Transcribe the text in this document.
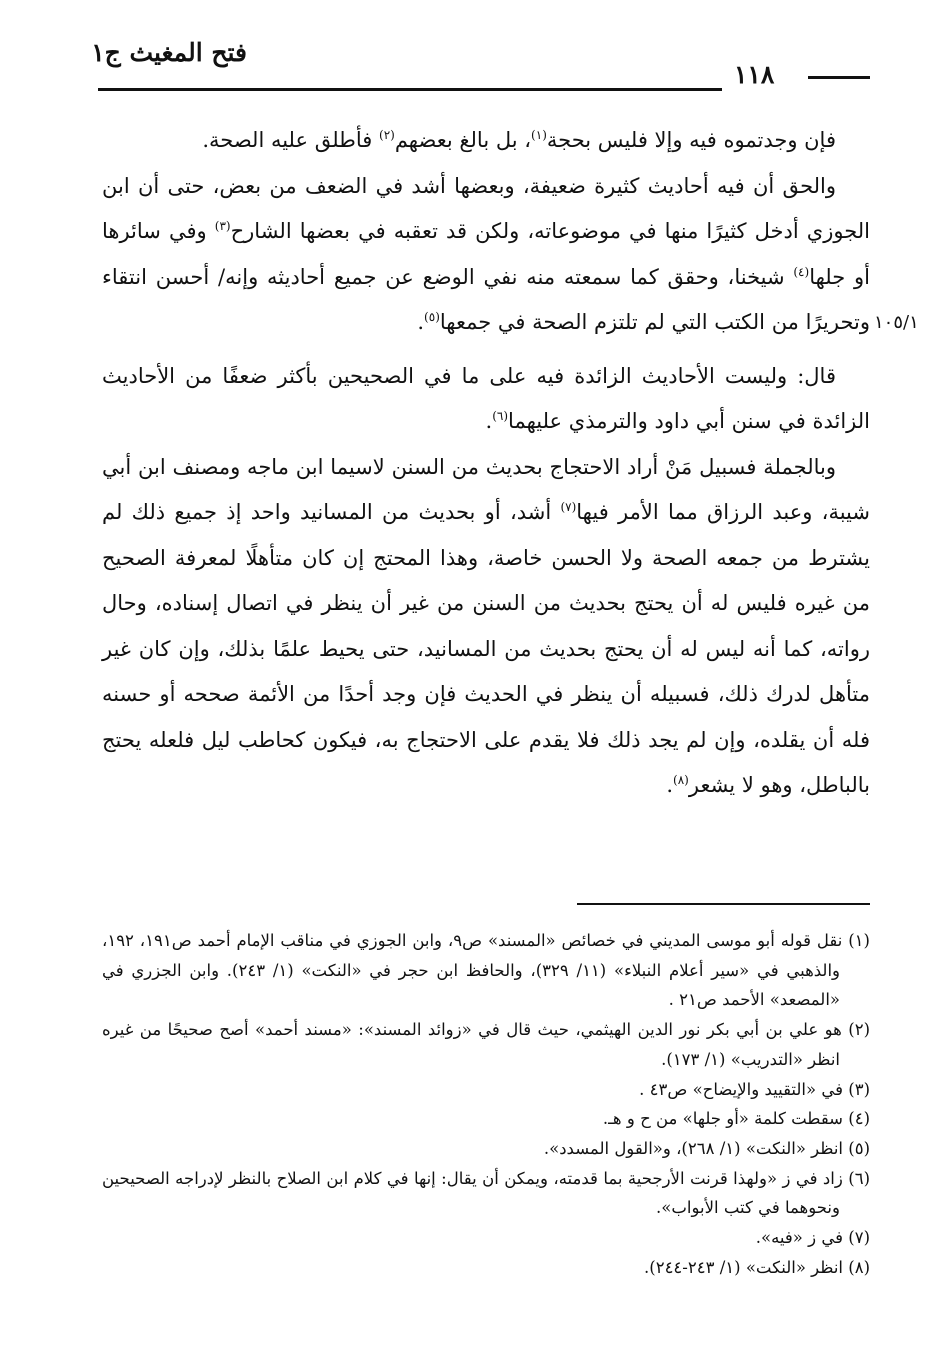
فتح المغيث ج١
١١٨
١٠٥/١

فإن وجدتموه فيه وإلا فليس بحجة$^{(١)}$، بل بالغ بعضهم$^{(٢)}$ فأطلق عليه الصحة.

والحق أن فيه أحاديث كثيرة ضعيفة، وبعضها أشد في الضعف من بعض، حتى أن ابن الجوزي أدخل كثيرًا منها في موضوعاته، ولكن قد تعقبه في بعضها الشارح$^{(٣)}$ وفي سائرها أو جلها$^{(٤)}$ شيخنا، وحقق كما سمعته منه نفي الوضع عن جميع أحاديثه وإنه/ أحسن انتقاء وتحريرًا من الكتب التي لم تلتزم الصحة في جمعها$^{(٥)}$.

قال: وليست الأحاديث الزائدة فيه على ما في الصحيحين بأكثر ضعفًا من الأحاديث الزائدة في سنن أبي داود والترمذي عليهما$^{(٦)}$.

وبالجملة فسبيل مَنْ أراد الاحتجاج بحديث من السنن لاسيما ابن ماجه ومصنف ابن أبي شيبة، وعبد الرزاق مما الأمر فيها$^{(٧)}$ أشد، أو بحديث من المسانيد واحد إذ جميع ذلك لم يشترط من جمعه الصحة ولا الحسن خاصة، وهذا المحتج إن كان متأهلًا لمعرفة الصحيح من غيره فليس له أن يحتج بحديث من السنن من غير أن ينظر في اتصال إسناده، وحال رواته، كما أنه ليس له أن يحتج بحديث من المسانيد، حتى يحيط علمًا بذلك، وإن كان غير متأهل لدرك ذلك، فسبيله أن ينظر في الحديث فإن وجد أحدًا من الأئمة صححه أو حسنه فله أن يقلده، وإن لم يجد ذلك فلا يقدم على الاحتجاج به، فيكون كحاطب ليل فلعله يحتج بالباطل، وهو لا يشعر$^{(٨)}$.

(١) نقل قوله أبو موسى المديني في خصائص «المسند» ص٩، وابن الجوزي في مناقب الإمام أحمد ص١٩١، ١٩٢، والذهبي في «سير أعلام النبلاء» (١١/ ٣٢٩)، والحافظ ابن حجر في «النكت» (١/ ٢٤٣). وابن الجزري في «المصعد» الأحمد ص٢١ .

(٢) هو علي بن أبي بكر نور الدين الهيثمي، حيث قال في «زوائد المسند»: «مسند أحمد» أصح صحيحًا من غيره انظر «التدريب» (١/ ١٧٣).

(٣) في «التقييد والإيضاح» ص٤٣ .

(٤) سقطت كلمة «أو جلها» من ح و هـ.

(٥) انظر «النكت» (١/ ٢٦٨)، و«القول المسدد».

(٦) زاد في ز «ولهذا قرنت الأرجحية بما قدمته، ويمكن أن يقال: إنها في كلام ابن الصلاح بالنظر لإدراجه الصحيحين ونحوهما في كتب الأبواب».

(٧) في ز «فيه».

(٨) انظر «النكت» (١/ ٢٤٣-٢٤٤).
